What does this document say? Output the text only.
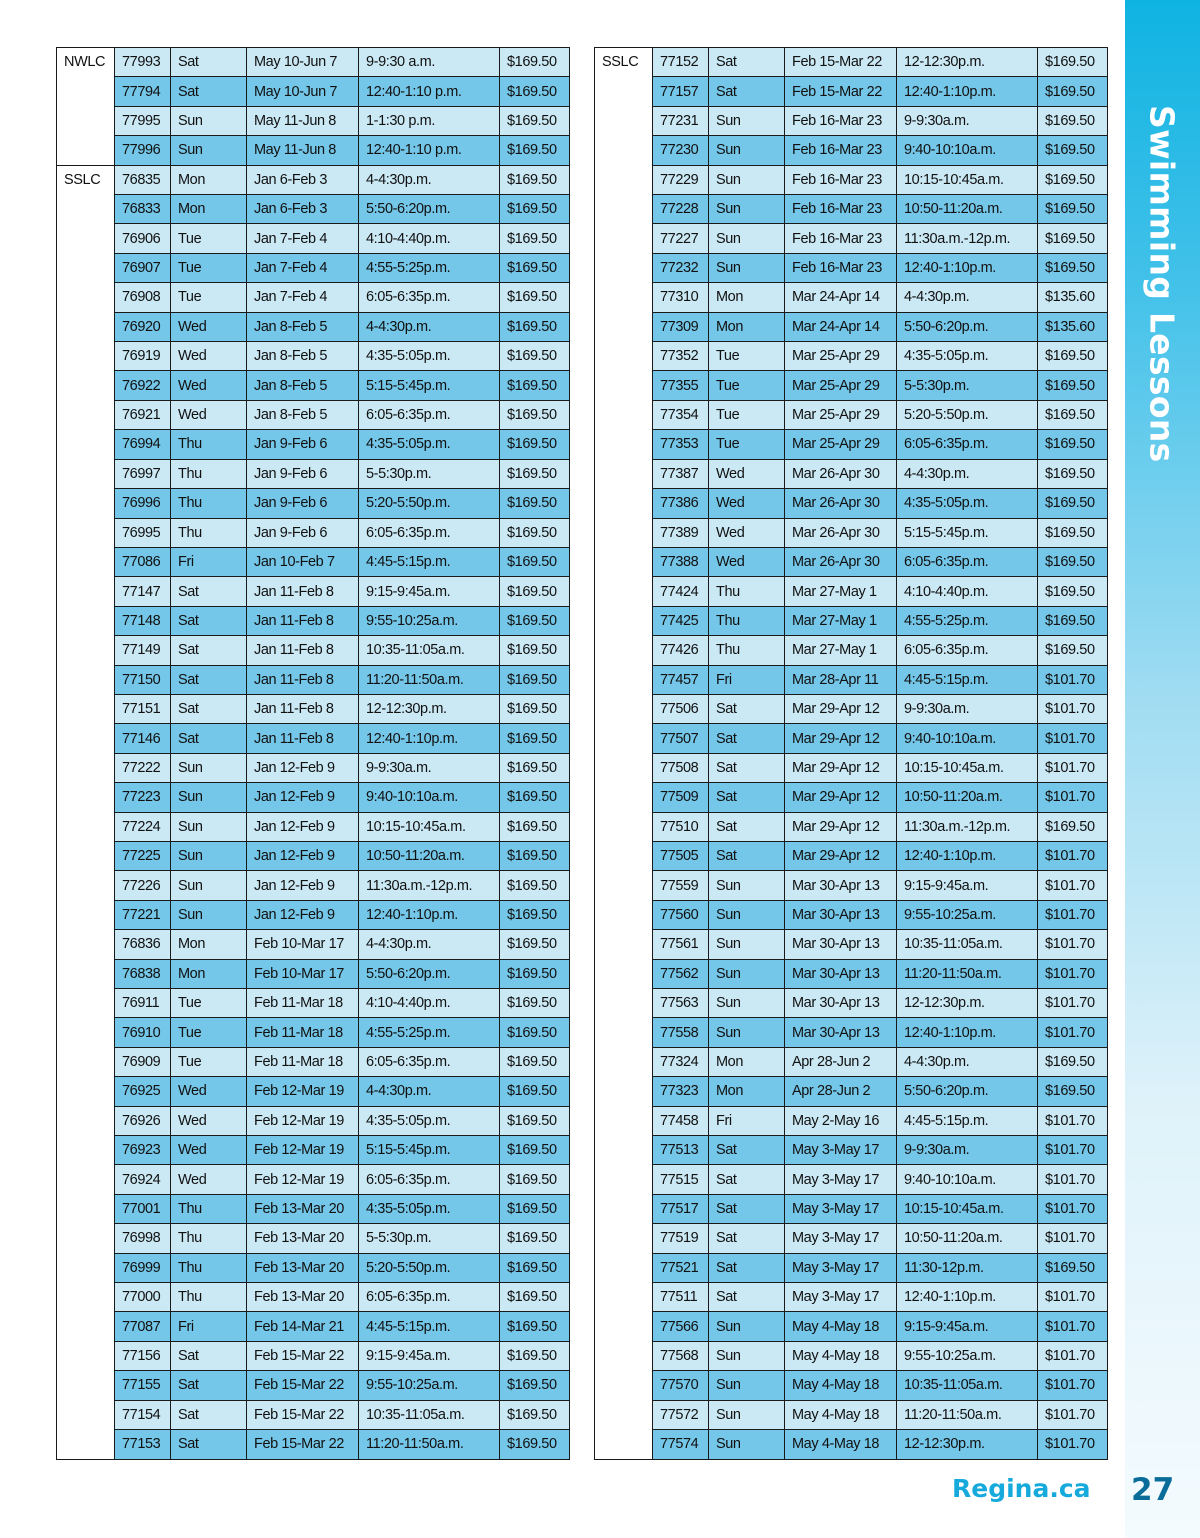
Swimming Lessons
NWLC	77993	Sat	May 10-Jun 7	9-9:30 a.m.	$169.50
	77794	Sat	May 10-Jun 7	12:40-1:10 p.m.	$169.50
	77995	Sun	May 11-Jun 8	1-1:30 p.m.	$169.50
	77996	Sun	May 11-Jun 8	12:40-1:10 p.m.	$169.50
SSLC	76835	Mon	Jan 6-Feb 3	4-4:30p.m.	$169.50
	76833	Mon	Jan 6-Feb 3	5:50-6:20p.m.	$169.50
	76906	Tue	Jan 7-Feb 4	4:10-4:40p.m.	$169.50
	76907	Tue	Jan 7-Feb 4	4:55-5:25p.m.	$169.50
	76908	Tue	Jan 7-Feb 4	6:05-6:35p.m.	$169.50
	76920	Wed	Jan 8-Feb 5	4-4:30p.m.	$169.50
	76919	Wed	Jan 8-Feb 5	4:35-5:05p.m.	$169.50
	76922	Wed	Jan 8-Feb 5	5:15-5:45p.m.	$169.50
	76921	Wed	Jan 8-Feb 5	6:05-6:35p.m.	$169.50
	76994	Thu	Jan 9-Feb 6	4:35-5:05p.m.	$169.50
	76997	Thu	Jan 9-Feb 6	5-5:30p.m.	$169.50
	76996	Thu	Jan 9-Feb 6	5:20-5:50p.m.	$169.50
	76995	Thu	Jan 9-Feb 6	6:05-6:35p.m.	$169.50
	77086	Fri	Jan 10-Feb 7	4:45-5:15p.m.	$169.50
	77147	Sat	Jan 11-Feb 8	9:15-9:45a.m.	$169.50
	77148	Sat	Jan 11-Feb 8	9:55-10:25a.m.	$169.50
	77149	Sat	Jan 11-Feb 8	10:35-11:05a.m.	$169.50
	77150	Sat	Jan 11-Feb 8	11:20-11:50a.m.	$169.50
	77151	Sat	Jan 11-Feb 8	12-12:30p.m.	$169.50
	77146	Sat	Jan 11-Feb 8	12:40-1:10p.m.	$169.50
	77222	Sun	Jan 12-Feb 9	9-9:30a.m.	$169.50
	77223	Sun	Jan 12-Feb 9	9:40-10:10a.m.	$169.50
	77224	Sun	Jan 12-Feb 9	10:15-10:45a.m.	$169.50
	77225	Sun	Jan 12-Feb 9	10:50-11:20a.m.	$169.50
	77226	Sun	Jan 12-Feb 9	11:30a.m.-12p.m.	$169.50
	77221	Sun	Jan 12-Feb 9	12:40-1:10p.m.	$169.50
	76836	Mon	Feb 10-Mar 17	4-4:30p.m.	$169.50
	76838	Mon	Feb 10-Mar 17	5:50-6:20p.m.	$169.50
	76911	Tue	Feb 11-Mar 18	4:10-4:40p.m.	$169.50
	76910	Tue	Feb 11-Mar 18	4:55-5:25p.m.	$169.50
	76909	Tue	Feb 11-Mar 18	6:05-6:35p.m.	$169.50
	76925	Wed	Feb 12-Mar 19	4-4:30p.m.	$169.50
	76926	Wed	Feb 12-Mar 19	4:35-5:05p.m.	$169.50
	76923	Wed	Feb 12-Mar 19	5:15-5:45p.m.	$169.50
	76924	Wed	Feb 12-Mar 19	6:05-6:35p.m.	$169.50
	77001	Thu	Feb 13-Mar 20	4:35-5:05p.m.	$169.50
	76998	Thu	Feb 13-Mar 20	5-5:30p.m.	$169.50
	76999	Thu	Feb 13-Mar 20	5:20-5:50p.m.	$169.50
	77000	Thu	Feb 13-Mar 20	6:05-6:35p.m.	$169.50
	77087	Fri	Feb 14-Mar 21	4:45-5:15p.m.	$169.50
	77156	Sat	Feb 15-Mar 22	9:15-9:45a.m.	$169.50
	77155	Sat	Feb 15-Mar 22	9:55-10:25a.m.	$169.50
	77154	Sat	Feb 15-Mar 22	10:35-11:05a.m.	$169.50
	77153	Sat	Feb 15-Mar 22	11:20-11:50a.m.	$169.50
SSLC	77152	Sat	Feb 15-Mar 22	12-12:30p.m.	$169.50
	77157	Sat	Feb 15-Mar 22	12:40-1:10p.m.	$169.50
	77231	Sun	Feb 16-Mar 23	9-9:30a.m.	$169.50
	77230	Sun	Feb 16-Mar 23	9:40-10:10a.m.	$169.50
	77229	Sun	Feb 16-Mar 23	10:15-10:45a.m.	$169.50
	77228	Sun	Feb 16-Mar 23	10:50-11:20a.m.	$169.50
	77227	Sun	Feb 16-Mar 23	11:30a.m.-12p.m.	$169.50
	77232	Sun	Feb 16-Mar 23	12:40-1:10p.m.	$169.50
	77310	Mon	Mar 24-Apr 14	4-4:30p.m.	$135.60
	77309	Mon	Mar 24-Apr 14	5:50-6:20p.m.	$135.60
	77352	Tue	Mar 25-Apr 29	4:35-5:05p.m.	$169.50
	77355	Tue	Mar 25-Apr 29	5-5:30p.m.	$169.50
	77354	Tue	Mar 25-Apr 29	5:20-5:50p.m.	$169.50
	77353	Tue	Mar 25-Apr 29	6:05-6:35p.m.	$169.50
	77387	Wed	Mar 26-Apr 30	4-4:30p.m.	$169.50
	77386	Wed	Mar 26-Apr 30	4:35-5:05p.m.	$169.50
	77389	Wed	Mar 26-Apr 30	5:15-5:45p.m.	$169.50
	77388	Wed	Mar 26-Apr 30	6:05-6:35p.m.	$169.50
	77424	Thu	Mar 27-May 1	4:10-4:40p.m.	$169.50
	77425	Thu	Mar 27-May 1	4:55-5:25p.m.	$169.50
	77426	Thu	Mar 27-May 1	6:05-6:35p.m.	$169.50
	77457	Fri	Mar 28-Apr 11	4:45-5:15p.m.	$101.70
	77506	Sat	Mar 29-Apr 12	9-9:30a.m.	$101.70
	77507	Sat	Mar 29-Apr 12	9:40-10:10a.m.	$101.70
	77508	Sat	Mar 29-Apr 12	10:15-10:45a.m.	$101.70
	77509	Sat	Mar 29-Apr 12	10:50-11:20a.m.	$101.70
	77510	Sat	Mar 29-Apr 12	11:30a.m.-12p.m.	$169.50
	77505	Sat	Mar 29-Apr 12	12:40-1:10p.m.	$101.70
	77559	Sun	Mar 30-Apr 13	9:15-9:45a.m.	$101.70
	77560	Sun	Mar 30-Apr 13	9:55-10:25a.m.	$101.70
	77561	Sun	Mar 30-Apr 13	10:35-11:05a.m.	$101.70
	77562	Sun	Mar 30-Apr 13	11:20-11:50a.m.	$101.70
	77563	Sun	Mar 30-Apr 13	12-12:30p.m.	$101.70
	77558	Sun	Mar 30-Apr 13	12:40-1:10p.m.	$101.70
	77324	Mon	Apr 28-Jun 2	4-4:30p.m.	$169.50
	77323	Mon	Apr 28-Jun 2	5:50-6:20p.m.	$169.50
	77458	Fri	May 2-May 16	4:45-5:15p.m.	$101.70
	77513	Sat	May 3-May 17	9-9:30a.m.	$101.70
	77515	Sat	May 3-May 17	9:40-10:10a.m.	$101.70
	77517	Sat	May 3-May 17	10:15-10:45a.m.	$101.70
	77519	Sat	May 3-May 17	10:50-11:20a.m.	$101.70
	77521	Sat	May 3-May 17	11:30-12p.m.	$169.50
	77511	Sat	May 3-May 17	12:40-1:10p.m.	$101.70
	77566	Sun	May 4-May 18	9:15-9:45a.m.	$101.70
	77568	Sun	May 4-May 18	9:55-10:25a.m.	$101.70
	77570	Sun	May 4-May 18	10:35-11:05a.m.	$101.70
	77572	Sun	May 4-May 18	11:20-11:50a.m.	$101.70
	77574	Sun	May 4-May 18	12-12:30p.m.	$101.70
Regina.ca 27
